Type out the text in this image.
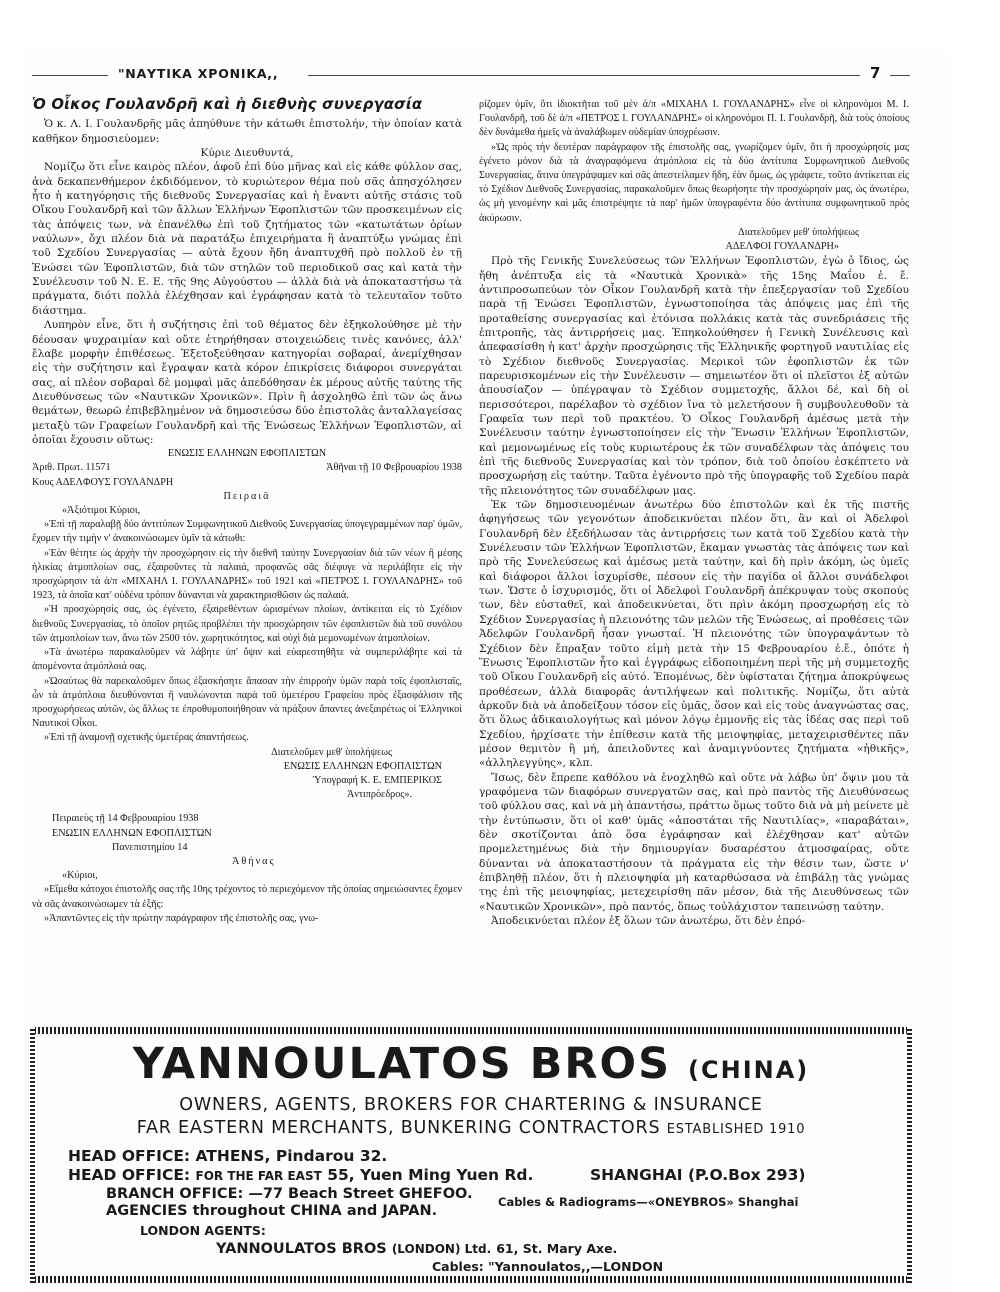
"ΝΑΥΤΙΚΑ ΧΡΟΝΙΚΑ,,	7
Ὁ Οἶκος Γουλανδρῆ καὶ ἡ διεθνὴς συνεργασία

Ὁ κ. Λ. Ι. Γουλανδρῆς μᾶς ἀπηύθυνε τὴν κάτωθι ἐπιστολήν, τὴν ὁποίαν κατὰ καθῆκον δημοσιεύομεν:

Κύριε Διευθυντά,

Νομίζω ὅτι εἶνε καιρὸς πλέον, ἀφοῦ ἐπὶ δύο μῆνας καὶ εἰς κάθε φύλλον σας, ἀνὰ δεκαπενθήμερον ἐκδιδόμενον, τὸ κυριώτερον θέμα ποὺ σᾶς ἀπησχόλησεν ἦτο ἡ κατηγόρησις τῆς διεθνοῦς Συνεργασίας καὶ ἡ ἔναντι αὐτῆς στάσις τοῦ Οἴκου Γουλανδρῆ καὶ τῶν ἄλλων Ἑλλήνων Ἐφοπλιστῶν τῶν προσκειμένων εἰς τὰς ἀπόψεις των, νὰ ἐπανέλθω ἐπὶ τοῦ ζητήματος τῶν «κατωτάτων ὁρίων ναύλων», ὄχι πλέον διὰ νὰ παρατάξω ἐπιχειρήματα ἢ ἀναπτύξω γνώμας ἐπὶ τοῦ Σχεδίου Συνεργασίας — αὐτὰ ἔχουν ἤδη ἀναπτυχθῆ πρὸ πολλοῦ ἐν τῇ Ἑνώσει τῶν Ἐφοπλιστῶν, διὰ τῶν στηλῶν τοῦ περιοδικοῦ σας καὶ κατὰ τὴν Συνέλευσιν τοῦ Ν. Ε. Ε. τῆς 9ης Αὐγούστου — ἀλλὰ διὰ νὰ ἀποκαταστήσω τὰ πράγματα, διότι πολλὰ ἐλέχθησαν καὶ ἐγράφησαν κατὰ τὸ τελευταῖον τοῦτο διάστημα.

Λυπηρὸν εἶνε, ὅτι ἡ συζήτησις ἐπὶ τοῦ θέματος δὲν ἐξηκολούθησε μὲ τὴν δέουσαν ψυχραιμίαν καὶ οὔτε ἐτηρήθησαν στοιχειώδεις τινὲς κανόνες, ἀλλ' ἔλαβε μορφὴν ἐπιθέσεως. Ἐξετοξεύθησαν κατηγορίαι σοβαραί, ἀνεμίχθησαν εἰς τὴν συζήτησιν καὶ ἔγραψαν κατὰ κόρον ἐπικρίσεις διάφοροι συνεργάται σας, αἱ πλέον σοβαραὶ δὲ μομφαὶ μᾶς ἀπεδόθησαν ἐκ μέρους αὐτῆς ταύτης τῆς Διευθύνσεως τῶν «Ναυτικῶν Χρονικῶν». Πρὶν ἢ ἀσχοληθῶ ἐπὶ τῶν ὡς ἄνω θεμάτων, θεωρῶ ἐπιβεβλημένον νὰ δημοσιεύσω δύο ἐπιστολὰς ἀνταλλαγείσας μεταξὺ τῶν Γραφείων Γουλανδρῆ καὶ τῆς Ἑνώσεως Ἑλλήνων Ἐφοπλιστῶν, αἱ ὁποῖαι ἔχουσιν οὕτως:

ΕΝΩΣΙΣ ΕΛΛΗΝΩΝ ΕΦΟΠΛΙΣΤΩΝ

Ἀριθ. Πρωτ. 11571	Ἀθῆναι τῇ 10 Φεβρουαρίου 1938

Κους ΑΔΕΛΦΟΥΣ ΓΟΥΛΑΝΔΡΗ

Πειραιᾶ

«Ἀξιότιμοι Κύριοι,

»Ἐπὶ τῇ παραλαβῇ δύο ἀντιτύπων Συμφωνητικοῦ Διεθνοῦς Συνεργασίας ὑπογεγραμμένων παρ' ὑμῶν, ἔχομεν τὴν τιμὴν ν' ἀνακοινώσωμεν ὑμῖν τὰ κάτωθι:

»Ἐὰν θέτητε ὡς ἀρχὴν τὴν προσχώρησιν εἰς τὴν διεθνῆ ταύτην Συνεργασίαν διὰ τῶν νέων ἢ μέσης ἡλικίας ἀτμοπλοίων σας, ἐξαιροῦντες τὰ παλαιά, προφανῶς σᾶς διέφυγε νὰ περιλάβητε εἰς τὴν προσχώρησιν τὰ ἀ/π «ΜΙΧΑΗΛ Ι. ΓΟΥΛΑΝΔΡΗΣ» τοῦ 1921 καὶ «ΠΕΤΡΟΣ Ι. ΓΟΥΛΑΝΔΡΗΣ» τοῦ 1923, τὰ ὁποῖα κατ' οὐδένα τρόπον δύνανται νὰ χαρακτηρισθῶσιν ὡς παλαιά.

»Ἡ προσχώρησίς σας, ὡς ἐγένετο, ἐξαιρεθέντων ὡρισμένων πλοίων, ἀντίκειται εἰς τὸ Σχέδιον διεθνοῦς Συνεργασίας, τὸ ὁποῖον ρητῶς προβλέπει τὴν προσχώρησιν τῶν ἐφοπλιστῶν διὰ τοῦ συνόλου τῶν ἀτμοπλοίων των, ἄνω τῶν 2500 τόν. χωρητικότητος, καὶ οὐχὶ διὰ μεμονωμένων ἀτμοπλοίων.

»Τὰ ἀνωτέρω παρακαλοῦμεν νὰ λάβητε ὑπ' ὄψιν καὶ εὐαρεστηθῆτε νὰ συμπεριλάβητε καὶ τὰ ἀπομένοντα ἀτμόπλοιά σας.

»Ὡσαύτως θὰ παρεκαλοῦμεν ὅπως ἐξασκήσητε ἅπασαν τὴν ἐπιρροὴν ὑμῶν παρὰ τοῖς ἐφοπλισταῖς, ὧν τὰ ἀτμόπλοια διευθύνονται ἢ ναυλώνονται παρὰ τοῦ ὑμετέρου Γραφείου πρὸς ἐξασφάλισιν τῆς προσχωρήσεως αὐτῶν, ὡς ἄλλως τε ἐπροθυμοποιήθησαν νὰ πράξουν ἅπαντες ἀνεξαιρέτως οἱ Ἑλληνικοὶ Ναυτικοὶ Οἶκοι.

»Ἐπὶ τῇ ἀναμονῇ σχετικῆς ὑμετέρας ἀπαντήσεως.

Διατελοῦμεν μεθ' ὑπολήψεως

ΕΝΩΣΙΣ ΕΛΛΗΝΩΝ ΕΦΟΠΛΙΣΤΩΝ

Ὑπογραφή Κ. Ε. ΕΜΠΕΡΙΚΟΣ

Ἀντιπρόεδρος».

Πειραιεὺς τῇ 14 Φεβρουαρίου 1938

ΕΝΩΣΙΝ ΕΛΛΗΝΩΝ ΕΦΟΠΛΙΣΤΩΝ

Πανεπιστημίου 14

Ἀθήνας

«Κύριοι,

»Εἴμεθα κάτοχοι ἐπιστολῆς σας τῆς 10ης τρέχοντος τὸ περιεχόμενον τῆς ὁποίας σημειώσαντες ἔχομεν νὰ σᾶς ἀνακοινώσωμεν τὰ ἑξῆς:

»Ἀπαντῶντες εἰς τὴν πρώτην παράγραφον τῆς ἐπιστολῆς σας, γνω-

ρίζομεν ὑμῖν, ὅτι ἰδιοκτῆται τοῦ μὲν ἀ/π «ΜΙΧΑΗΛ Ι. ΓΟΥΛΑΝΔΡΗΣ» εἶνε οἱ κληρονόμοι Μ. Ι. Γουλανδρῆ, τοῦ δὲ ἀ/π «ΠΕΤΡΟΣ Ι. ΓΟΥΛΑΝΔΡΗΣ» οἱ κληρονόμοι Π. Ι. Γουλανδρῆ, διὰ τοὺς ὁποίους δὲν δυνάμεθα ἡμεῖς νὰ ἀναλάβωμεν οὐδεμίαν ὑποχρέωσιν.

»Ὡς πρὸς τὴν δευτέραν παράγραφον τῆς ἐπιστολῆς σας, γνωρίζομεν ὑμῖν, ὅτι ἡ προσχώρησίς μας ἐγένετο μόνον διὰ τὰ ἀναγραφόμενα ἀτμόπλοια εἰς τὰ δύο ἀντίτυπα Συμφωνητικοῦ Διεθνοῦς Συνεργασίας, ἅτινα ὑπεγράψαμεν καὶ σᾶς ἀπεστείλαμεν ἤδη, ἐὰν ὅμως, ὡς γράφετε, τοῦτο ἀντίκειται εἰς τὸ Σχέδιον Διεθνοῦς Συνεργασίας, παρακαλοῦμεν ὅπως θεωρήσητε τὴν προσχώρησίν μας, ὡς ἀνωτέρω, ὡς μὴ γενομένην καὶ μᾶς ἐπιστρέψητε τὰ παρ' ἡμῶν ὑπογραφέντα δύο ἀντίτυπα συμφωνητικοῦ πρὸς ἀκύρωσιν.

Διατελοῦμεν μεθ' ὑπολήψεως

ΑΔΕΛΦΟΙ ΓΟΥΛΑΝΔΡΗ»

Πρὸ τῆς Γενικῆς Συνελεύσεως τῶν Ἑλλήνων Ἐφοπλιστῶν, ἐγὼ ὁ ἴδιος, ὡς ἤθη ἀνέπτυξα εἰς τὰ «Ναυτικὰ Χρονικὰ» τῆς 15ης Μαΐου ἐ. ἔ. ἀντιπροσωπεύων τὸν Οἶκον Γουλανδρῆ κατὰ τὴν ἐπεξεργασίαν τοῦ Σχεδίου παρὰ τῇ Ἑνώσει Ἐφοπλιστῶν, ἐγνωστοποίησα τὰς ἀπόψεις μας ἐπὶ τῆς προταθείσης συνεργασίας καὶ ἐτόνισα πολλάκις κατὰ τὰς συνεδριάσεις τῆς ἐπιτροπῆς, τὰς ἀντιρρήσεις μας. Ἐπηκολούθησεν ἡ Γενικὴ Συνέλευσις καὶ ἀπεφασίσθη ἡ κατ' ἀρχὴν προσχώρησις τῆς Ἑλληνικῆς φορτηγοῦ ναυτιλίας εἰς τὸ Σχέδιον διεθνοῦς Συνεργασίας. Μερικοὶ τῶν ἐφοπλιστῶν ἐκ τῶν παρευρισκομένων εἰς τὴν Συνέλευσιν — σημειωτέον ὅτι οἱ πλεῖστοι ἐξ αὐτῶν ἀπουσίαζον — ὑπέγραψαν τὸ Σχέδιον συμμετοχῆς, ἄλλοι δέ, καὶ δὴ οἱ περισσότεροι, παρέλαβον τὸ σχέδιον ἵνα τὸ μελετήσουν ἢ συμβουλευθοῦν τὰ Γραφεῖα των περὶ τοῦ πρακτέου. Ὁ Οἶκος Γουλανδρῆ ἀμέσως μετὰ τὴν Συνέλευσιν ταύτην ἐγνωστοποίησεν εἰς τὴν Ἕνωσιν Ἑλλήνων Ἐφοπλιστῶν, καὶ μεμονωμένως εἰς τοὺς κυριωτέρους ἐκ τῶν συναδέλφων τὰς ἀπόψεις του ἐπὶ τῆς διεθνοῦς Συνεργασίας καὶ τὸν τρόπον, διὰ τοῦ ὁποίου ἐσκέπτετο νὰ προσχωρήσῃ εἰς ταύτην. Ταῦτα ἐγένοντο πρὸ τῆς ὑπογραφῆς τοῦ Σχεδίου παρὰ τῆς πλειονότητος τῶν συναδέλφων μας.

Ἐκ τῶν δημοσιευομένων ἀνωτέρω δύο ἐπιστολῶν καὶ ἐκ τῆς πιστῆς ἀφηγήσεως τῶν γεγονότων ἀποδεικνύεται πλέον ὅτι, ἂν καὶ οἱ Ἀδελφοὶ Γουλανδρῆ δὲν ἐξεδήλωσαν τὰς ἀντιρρήσεις των κατὰ τοῦ Σχεδίου κατὰ τὴν Συνέλευσιν τῶν Ἑλλήνων Ἐφοπλιστῶν, ἔκαμαν γνωστὰς τὰς ἀπόψεις των καὶ πρὸ τῆς Συνελεύσεως καὶ ἀμέσως μετὰ ταύτην, καὶ δὴ πρὶν ἀκόμη, ὡς ὑμεῖς καὶ διάφοροι ἄλλοι ἰσχυρίσθε, πέσουν εἰς τὴν παγίδα οἱ ἄλλοι συνάδελφοι των. Ὥστε ὁ ἰσχυρισμός, ὅτι οἱ Ἀδελφοὶ Γουλανδρῆ ἀπέκρυψαν τοὺς σκοπούς των, δὲν εὐσταθεῖ, καὶ ἀποδεικνύεται, ὅτι πρὶν ἀκόμη προσχωρήσῃ εἰς τὸ Σχέδιον Συνεργασίας ἡ πλειονότης τῶν μελῶν τῆς Ἑνώσεως, αἱ προθέσεις τῶν Ἀδελφῶν Γουλανδρῆ ἦσαν γνωσταί. Ἡ πλειονότης τῶν ὑπογραψάντων τὸ Σχέδιον δὲν ἔπραξαν τοῦτο εἰμὴ μετὰ τὴν 15 Φεβρουαρίου ἐ.ἔ., ὁπότε ἡ Ἕνωσις Ἐφοπλιστῶν ἦτο καὶ ἐγγράφως εἰδοποιημένη περὶ τῆς μὴ συμμετοχῆς τοῦ Οἴκου Γουλανδρῆ εἰς αὐτό. Ἑπομένως, δὲν ὑφίσταται ζήτημα ἀποκρύψεως προθέσεων, ἀλλὰ διαφορᾶς ἀντιλήψεων καὶ πολιτικῆς. Νομίζω, ὅτι αὐτὰ ἀρκοῦν διὰ νὰ ἀποδείξουν τόσον εἰς ὑμᾶς, ὅσον καὶ εἰς τοὺς ἀναγνώστας σας, ὅτι ὅλως ἀδικαιολογήτως καὶ μόνον λόγῳ ἐμμονῆς εἰς τὰς ἰδέας σας περὶ τοῦ Σχεδίου, ἠρχίσατε τὴν ἐπίθεσιν κατὰ τῆς μειοψηφίας, μεταχειρισθέντες πᾶν μέσον θεμιτὸν ἢ μή, ἀπειλοῦντες καὶ ἀναμιγνύοντες ζητήματα «ἠθικῆς», «ἀλληλεγγύης», κλπ.

Ἴσως, δὲν ἔπρεπε καθόλου νὰ ἐνοχληθῶ καὶ οὔτε νὰ λάβω ὑπ' ὄψιν μου τὰ γραφόμενα τῶν διαφόρων συνεργατῶν σας, καὶ πρὸ παντὸς τῆς Διευθύνσεως τοῦ φύλλου σας, καὶ νὰ μὴ ἀπαντήσω, πράττω ὅμως τοῦτο διὰ νὰ μὴ μείνετε μὲ τὴν ἐντύπωσιν, ὅτι οἱ καθ' ὑμᾶς «ἀποστάται τῆς Ναυτιλίας», «παραβάται», δὲν σκοτίζονται ἀπὸ ὅσα ἐγράφησαν καὶ ἐλέχθησαν κατ' αὐτῶν προμελετημένως διὰ τὴν δημιουργίαν δυσαρέστου ἀτμοσφαίρας, οὔτε δύνανται νὰ ἀποκαταστήσουν τὰ πράγματα εἰς τὴν θέσιν των, ὥστε ν' ἐπιβληθῇ πλέον, ὅτι ἡ πλειοψηφία μὴ καταρθώσασα νὰ ἐπιβάλῃ τὰς γνώμας της ἐπὶ τῆς μειοψηφίας, μετεχειρίσθη πᾶν μέσον, διὰ τῆς Διευθύνσεως τῶν «Ναυτικῶν Χρονικῶν», πρὸ παντός, ὅπως τοὐλάχιστον ταπεινώσῃ ταύτην.

Ἀποδεικνύεται πλέον ἐξ ὅλων τῶν ἀνωτέρω, ὅτι δὲν ἐπρό-

YANNOULATOS BROS (CHINA)
OWNERS, AGENTS, BROKERS FOR CHARTERING & INSURANCE
FAR EASTERN MERCHANTS, BUNKERING CONTRACTORS ESTABLISHED 1910
HEAD OFFICE: ATHENS, Pindarou 32.
HEAD OFFICE: FOR THE FAR EAST 55, Yuen Ming Yuen Rd.	SHANGHAI (P.O.Box 293)
BRANCH OFFICE: —77 Beach Street GHEFOO.
AGENCIES throughout CHINA and JAPAN.
Cables & Radiograms—«ONEYBROS» Shanghai
LONDON AGENTS:
YANNOULATOS BROS (LONDON) Ltd. 61, St. Mary Axe.
Cables: "Yannoulatos,,—LONDON
